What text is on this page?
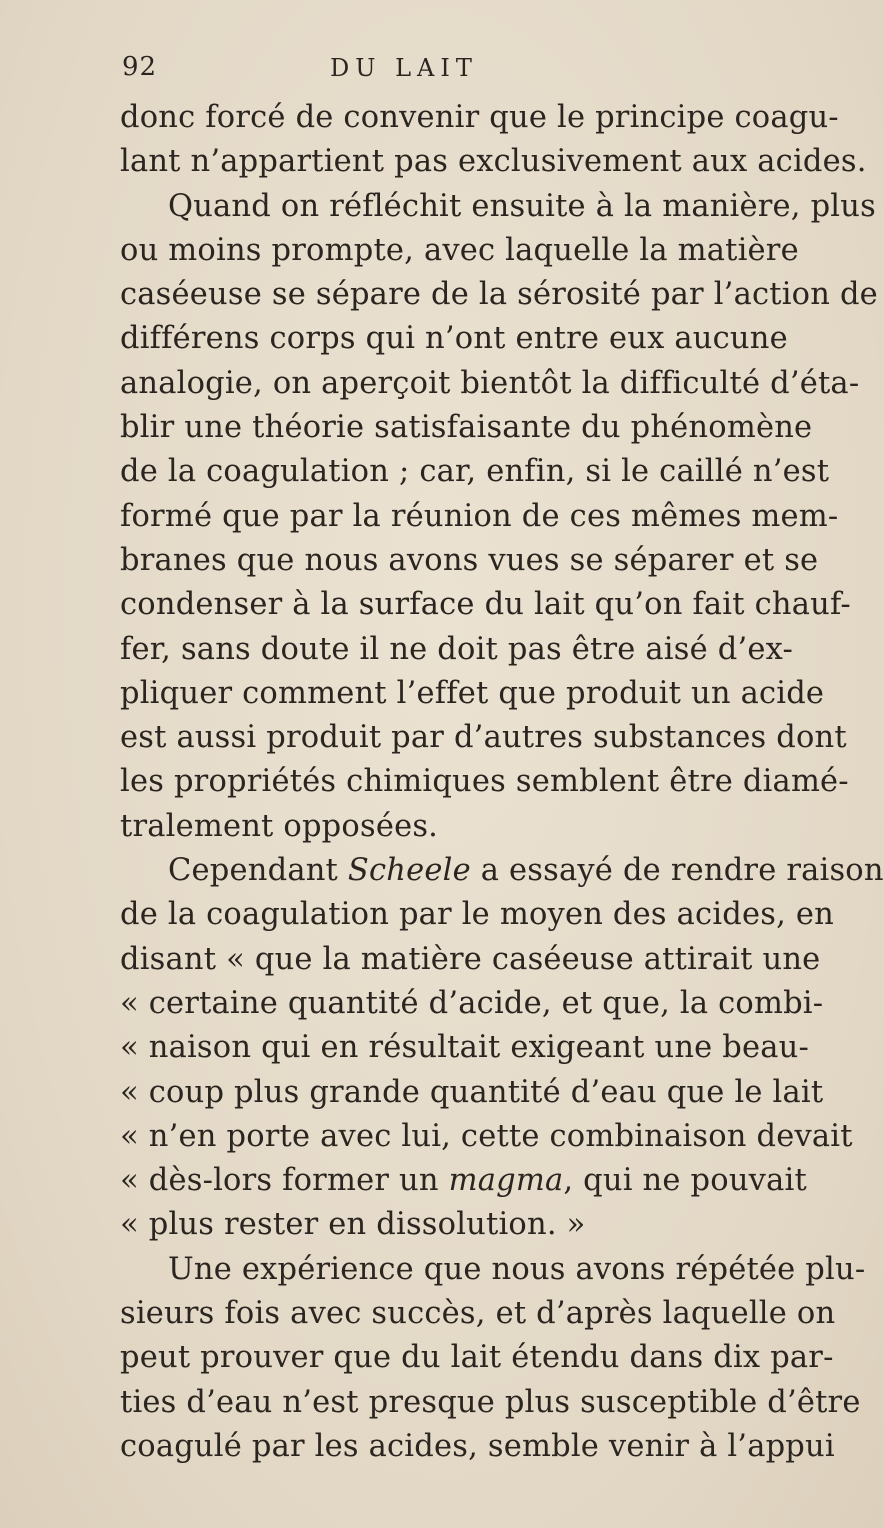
92	DU LAIT
donc forcé de convenir que le principe coagu-
lant n’appartient pas exclusivement aux acides.
Quand on réfléchit ensuite à la manière, plus
ou moins prompte, avec laquelle la matière
caséeuse se sépare de la sérosité par l’action de
différens corps qui n’ont entre eux aucune
analogie, on aperçoit bientôt la difficulté d’éta-
blir une théorie satisfaisante du phénomène
de la coagulation ; car, enfin, si le caillé n’est
formé que par la réunion de ces mêmes mem-
branes que nous avons vues se séparer et se
condenser à la surface du lait qu’on fait chauf-
fer, sans doute il ne doit pas être aisé d’ex-
pliquer comment l’effet que produit un acide
est aussi produit par d’autres substances dont
les propriétés chimiques semblent être diamé-
tralement opposées.
Cependant Scheele a essayé de rendre raison
de la coagulation par le moyen des acides, en
disant « que la matière caséeuse attirait une
« certaine quantité d’acide, et que, la combi-
« naison qui en résultait exigeant une beau-
« coup plus grande quantité d’eau que le lait
« n’en porte avec lui, cette combinaison devait
« dès-lors former un magma, qui ne pouvait
« plus rester en dissolution. »
Une expérience que nous avons répétée plu-
sieurs fois avec succès, et d’après laquelle on
peut prouver que du lait étendu dans dix par-
ties d’eau n’est presque plus susceptible d’être
coagulé par les acides, semble venir à l’appui
